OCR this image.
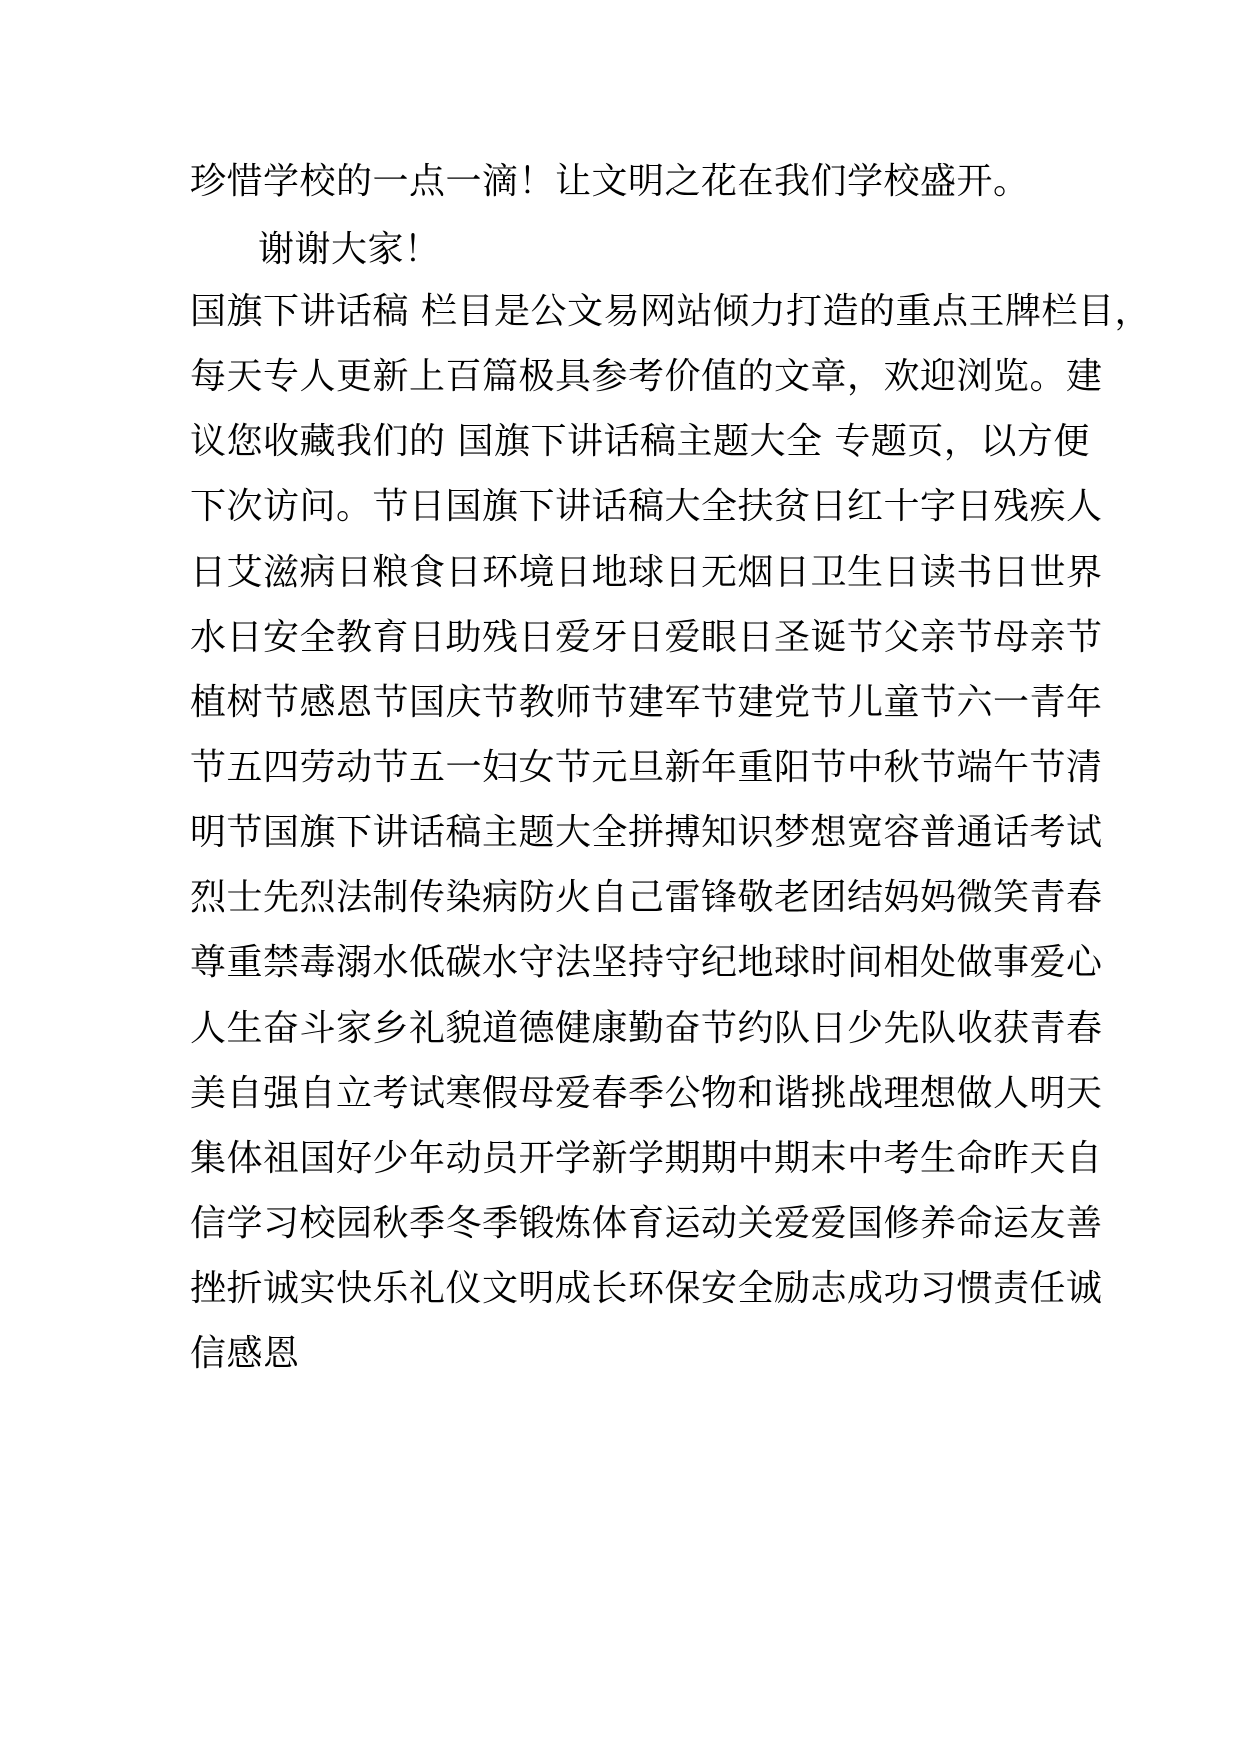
珍惜学校的一点一滴！让文明之花在我们学校盛开。
谢谢大家！
国旗下讲话稿 栏目是公文易网站倾力打造的重点王牌栏目，
每天专人更新上百篇极具参考价值的文章，欢迎浏览。建
议您收藏我们的 国旗下讲话稿主题大全 专题页，以方便
下次访问。节日国旗下讲话稿大全扶贫日红十字日残疾人
日艾滋病日粮食日环境日地球日无烟日卫生日读书日世界
水日安全教育日助残日爱牙日爱眼日圣诞节父亲节母亲节
植树节感恩节国庆节教师节建军节建党节儿童节六一青年
节五四劳动节五一妇女节元旦新年重阳节中秋节端午节清
明节国旗下讲话稿主题大全拼搏知识梦想宽容普通话考试
烈士先烈法制传染病防火自己雷锋敬老团结妈妈微笑青春
尊重禁毒溺水低碳水守法坚持守纪地球时间相处做事爱心
人生奋斗家乡礼貌道德健康勤奋节约队日少先队收获青春
美自强自立考试寒假母爱春季公物和谐挑战理想做人明天
集体祖国好少年动员开学新学期期中期末中考生命昨天自
信学习校园秋季冬季锻炼体育运动关爱爱国修养命运友善
挫折诚实快乐礼仪文明成长环保安全励志成功习惯责任诚
信感恩
